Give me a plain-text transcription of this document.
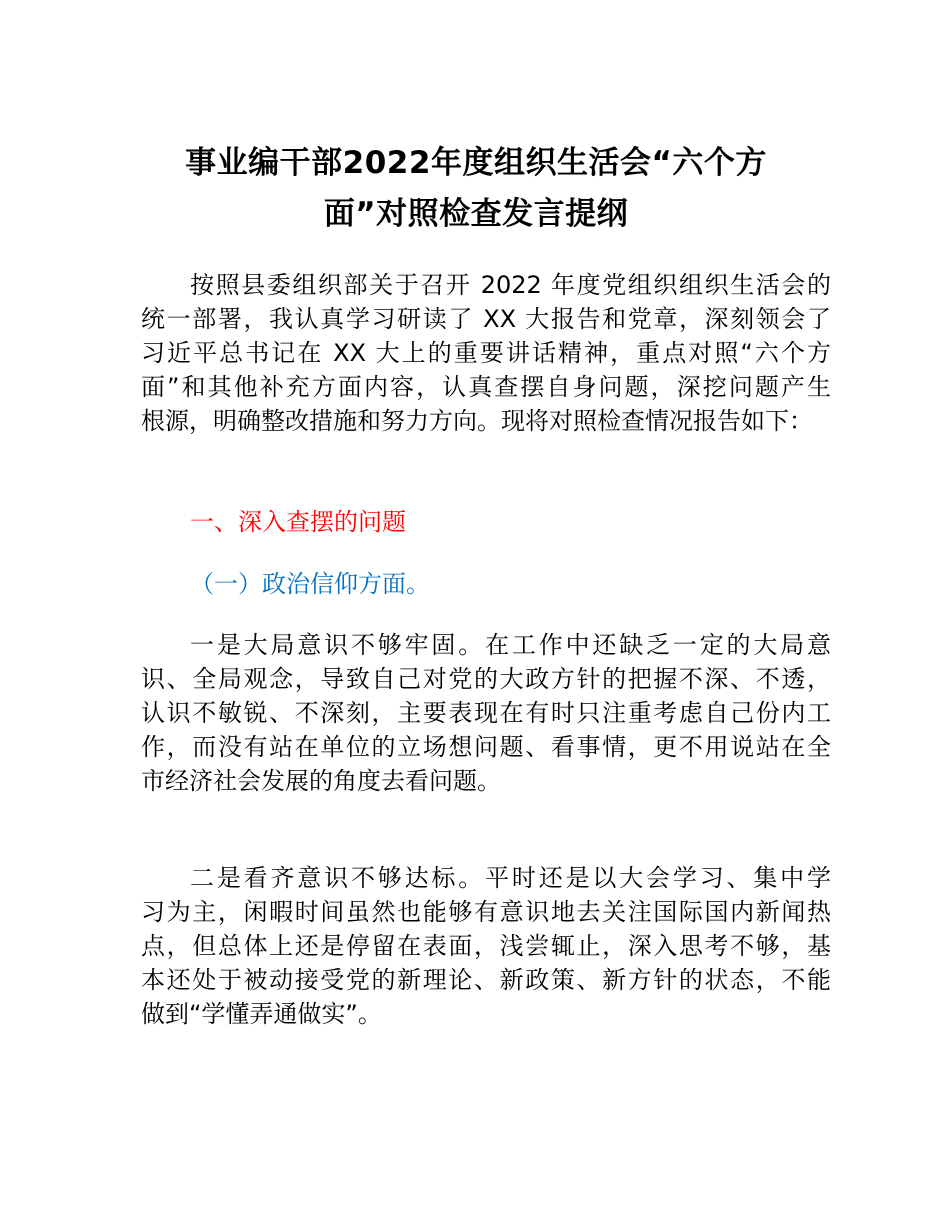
事业编干部2022年度组织生活会“六个方
面”对照检查发言提纲
按照县委组织部关于召开 2022 年度党组织组织生活会的
统一部署，我认真学习研读了 XX 大报告和党章，深刻领会了
习近平总书记在 XX 大上的重要讲话精神，重点对照“六个方
面”和其他补充方面内容，认真查摆自身问题，深挖问题产生
根源，明确整改措施和努力方向。现将对照检查情况报告如下：
一、深入查摆的问题
（一）政治信仰方面。
一是大局意识不够牢固。在工作中还缺乏一定的大局意
识、全局观念，导致自己对党的大政方针的把握不深、不透，
认识不敏锐、不深刻，主要表现在有时只注重考虑自己份内工
作，而没有站在单位的立场想问题、看事情，更不用说站在全
市经济社会发展的角度去看问题。
二是看齐意识不够达标。平时还是以大会学习、集中学
习为主，闲暇时间虽然也能够有意识地去关注国际国内新闻热
点，但总体上还是停留在表面，浅尝辄止，深入思考不够，基
本还处于被动接受党的新理论、新政策、新方针的状态，不能
做到“学懂弄通做实”。
